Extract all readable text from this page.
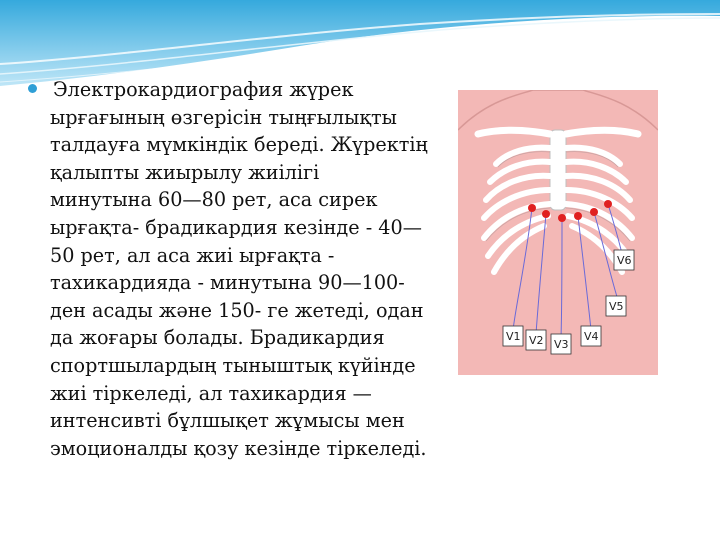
Электрокардиография жүрек
ырғағының өзгерісін тыңғылықты
талдауға мүмкіндік береді. Жүректің
қалыпты жиырылу жиілігі
минутына 60—80 рет, аса сирек
ырғақта- брадикардия кезінде - 40—
50 рет, ал аса жиі ырғақта -
тахикардияда - минутына 90—100-
ден асады және 150- ге жетеді, одан
да жоғары болады. Брадикардия
спортшылардың тыныштық күйінде
жиі тіркеледі, ал тахикардия —
интенсивті бұлшықет жұмысы мен
эмоционалды қозу кезінде тіркеледі.
V1 V2 V3
V4
V5
V6
